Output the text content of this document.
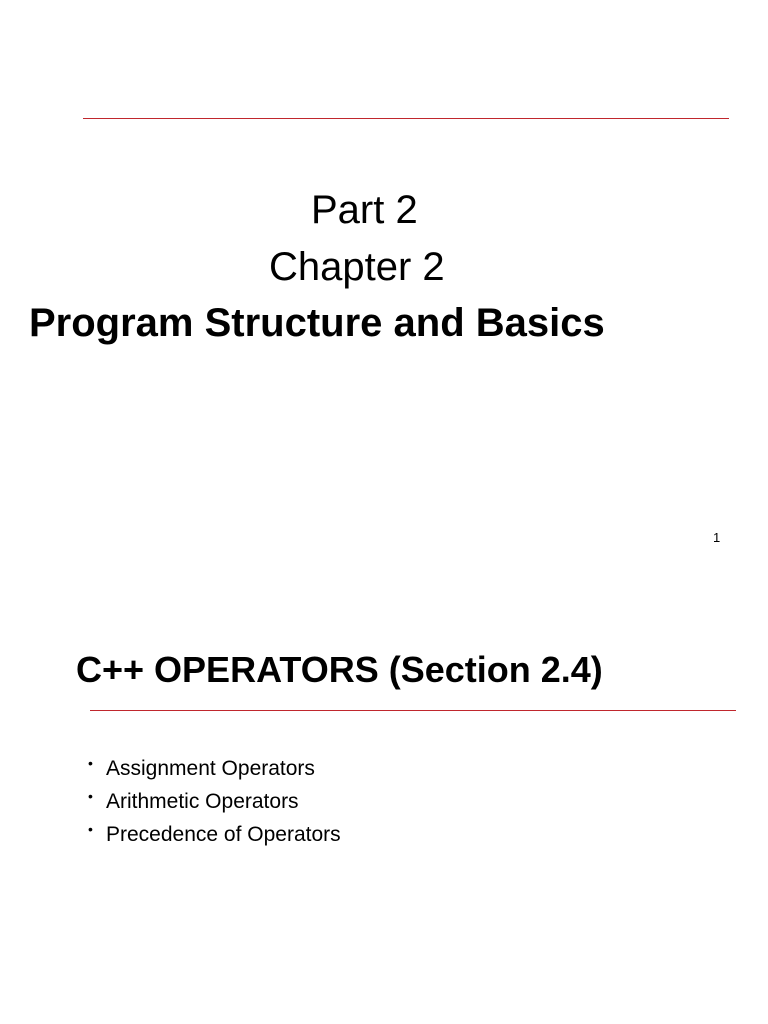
Part 2
Chapter 2
Program Structure and Basics
1
C++ OPERATORS (Section 2.4)
• Assignment Operators
• Arithmetic Operators
• Precedence of Operators
